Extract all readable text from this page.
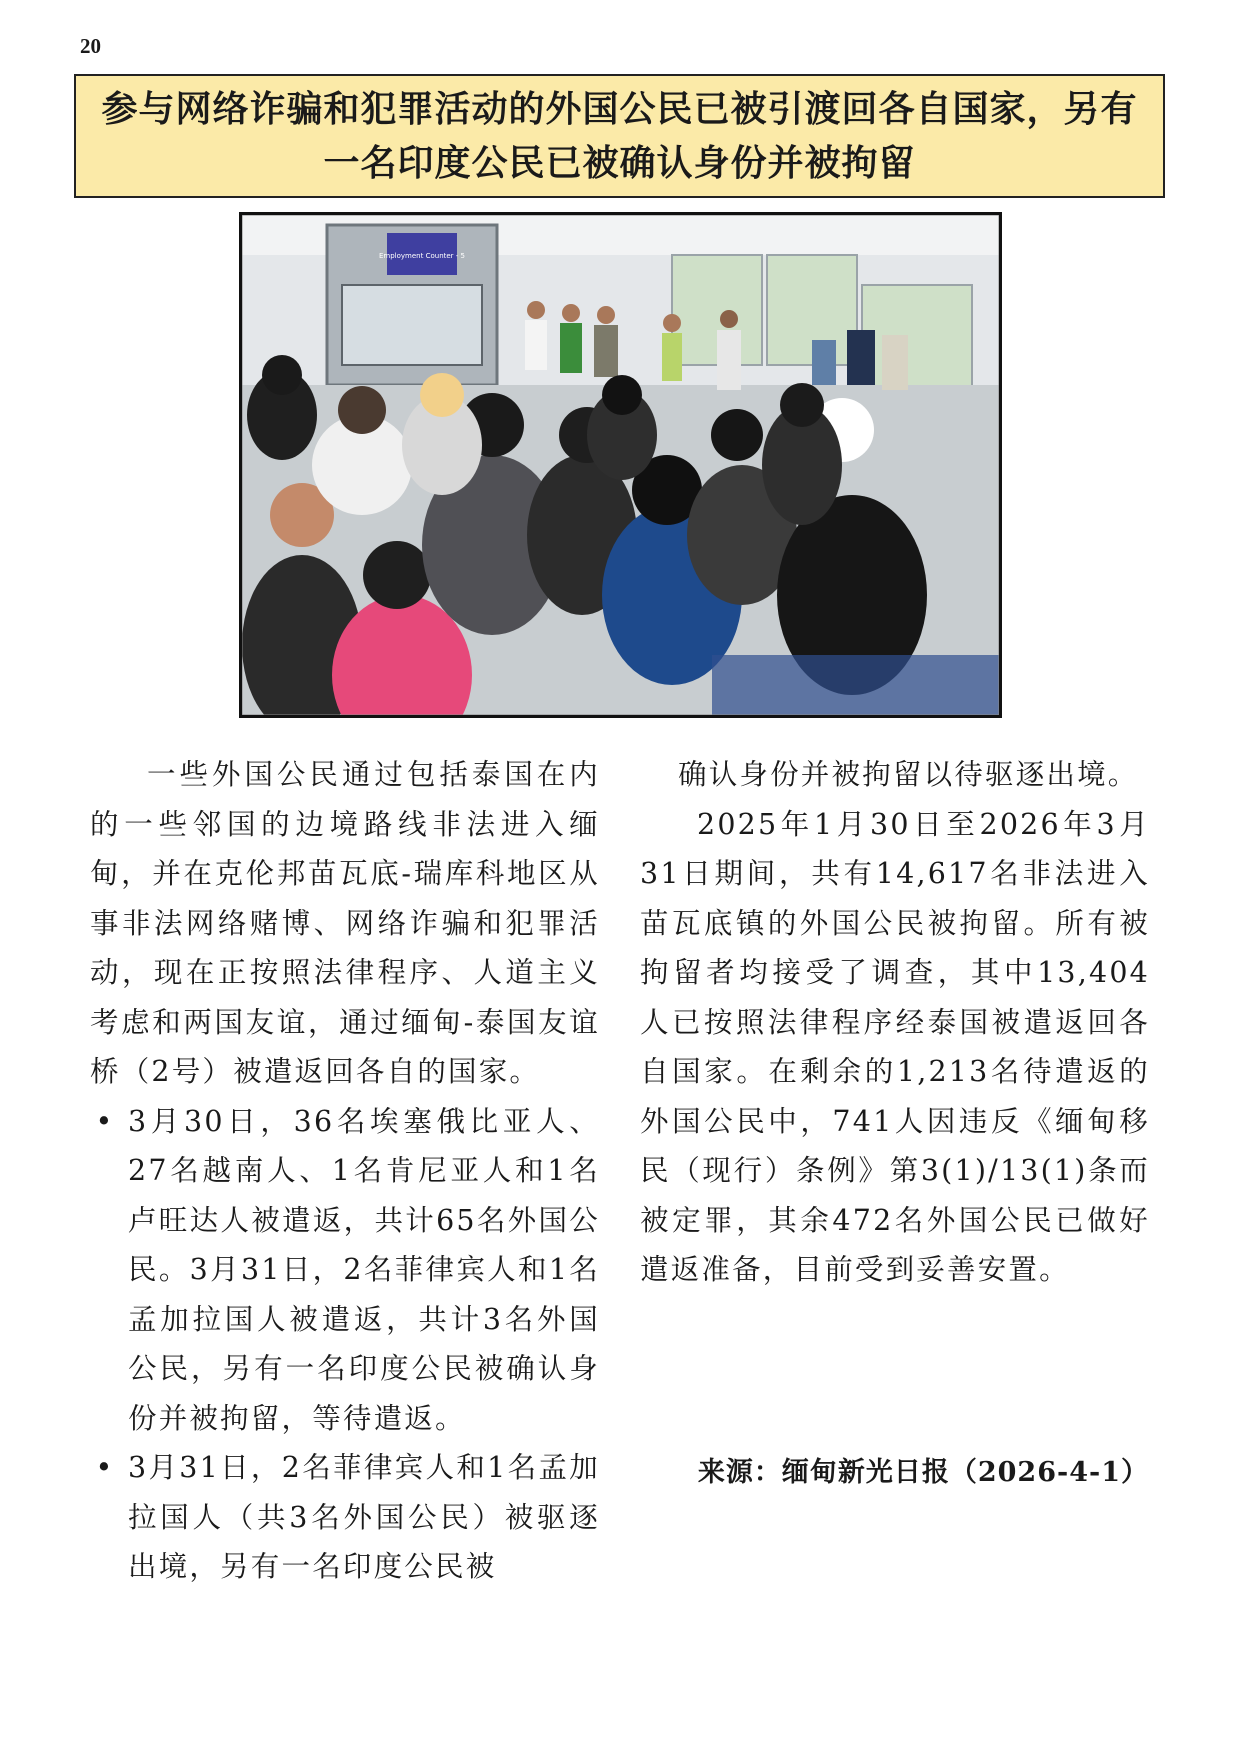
20
参与网络诈骗和犯罪活动的外国公民已被引渡回各自国家，另有
一名印度公民已被确认身份并被拘留
Employment Counter - 5

一些外国公民通过包括泰国在内的一些邻国的边境路线非法进入缅甸，并在克伦邦苗瓦底-瑞库科地区从事非法网络赌博、网络诈骗和犯罪活动，现在正按照法律程序、人道主义考虑和两国友谊，通过缅甸-泰国友谊桥（2号）被遣返回各自的国家。

• 3月30日，36名埃塞俄比亚人、27名越南人、1名肯尼亚人和1名卢旺达人被遣返，共计65名外国公民。3月31日，2名菲律宾人和1名孟加拉国人被遣返，共计3名外国公民，另有一名印度公民被确认身份并被拘留，等待遣返。

• 3月31日，2名菲律宾人和1名孟加拉国人（共3名外国公民）被驱逐出境，另有一名印度公民被

确认身份并被拘留以待驱逐出境。

2025年1月30日至2026年3月31日期间，共有14,617名非法进入苗瓦底镇的外国公民被拘留。所有被拘留者均接受了调查，其中13,404人已按照法律程序经泰国被遣返回各自国家。在剩余的1,213名待遣返的外国公民中，741人因违反《缅甸移民（现行）条例》第3(1)/13(1)条而被定罪，其余472名外国公民已做好遣返准备，目前受到妥善安置。

来源：缅甸新光日报（2026-4-1）
